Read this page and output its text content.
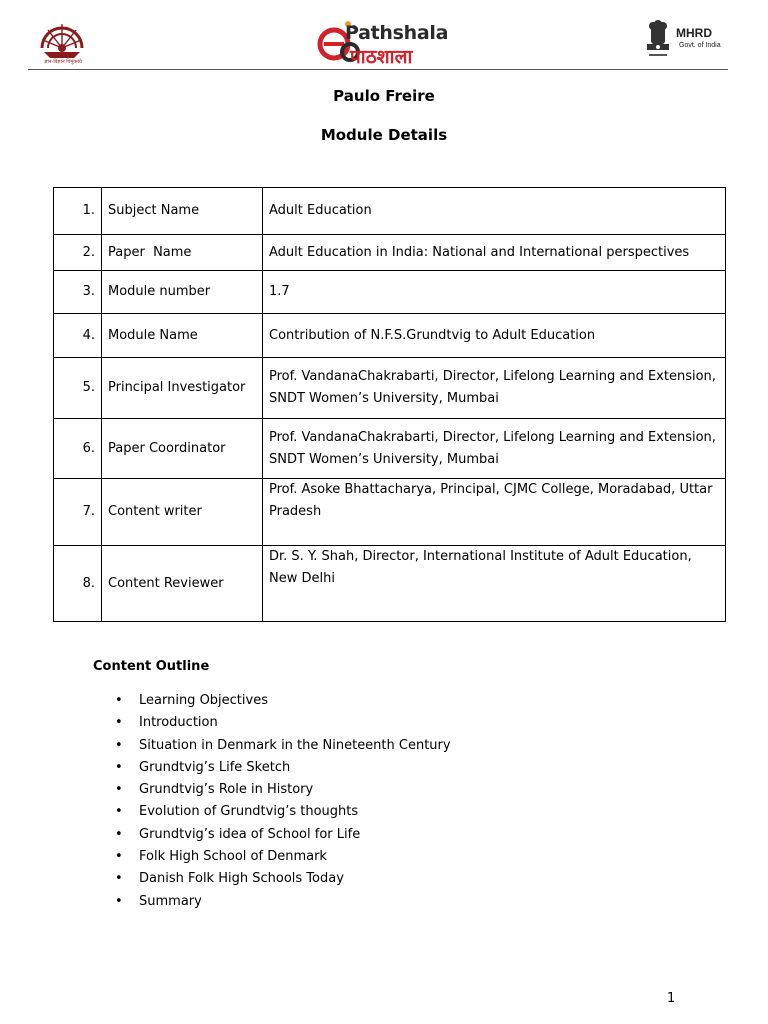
ज्ञान-विज्ञान विमुक्तये
Pathshala
पाठशाला
MHRD
Govt. of India
Paulo Freire
Module Details
1.	Subject Name	Adult Education
2.	Paper  Name	Adult Education in India: National and International perspectives
3.	Module number	1.7
4.	Module Name	Contribution of N.F.S.Grundtvig to Adult Education
5.	Principal Investigator	Prof. VandanaChakrabarti, Director, Lifelong Learning and Extension, SNDT Women’s University, Mumbai
6.	Paper Coordinator	Prof. VandanaChakrabarti, Director, Lifelong Learning and Extension, SNDT Women’s University, Mumbai
7.	Content writer	Prof. Asoke Bhattacharya, Principal, CJMC College, Moradabad, Uttar Pradesh
8.	Content Reviewer	Dr. S. Y. Shah, Director, International Institute of Adult Education, New Delhi
Content Outline
• Learning Objectives
• Introduction
• Situation in Denmark in the Nineteenth Century
• Grundtvig’s Life Sketch
• Grundtvig’s Role in History
• Evolution of Grundtvig’s thoughts
• Grundtvig’s idea of School for Life
• Folk High School of Denmark
• Danish Folk High Schools Today
• Summary
1
